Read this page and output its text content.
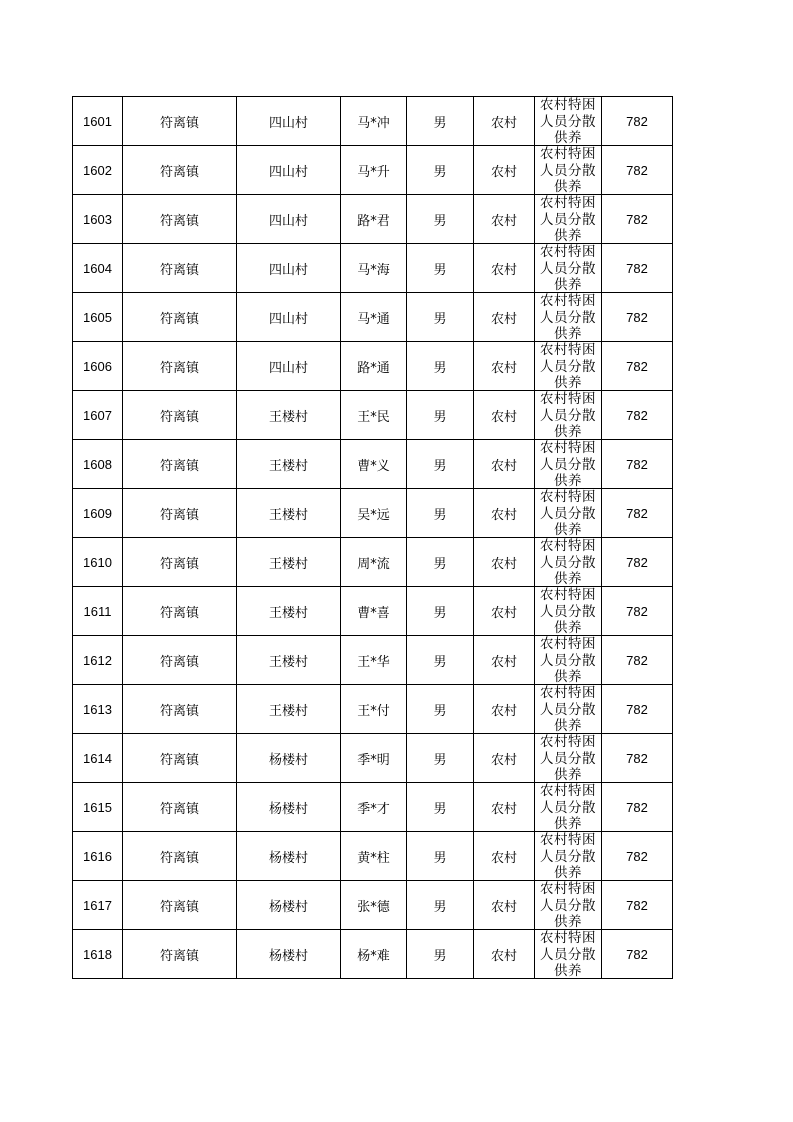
1601	符离镇	四山村	马*冲	男	农村	农村特困人员分散供养	782
1602	符离镇	四山村	马*升	男	农村	农村特困人员分散供养	782
1603	符离镇	四山村	路*君	男	农村	农村特困人员分散供养	782
1604	符离镇	四山村	马*海	男	农村	农村特困人员分散供养	782
1605	符离镇	四山村	马*通	男	农村	农村特困人员分散供养	782
1606	符离镇	四山村	路*通	男	农村	农村特困人员分散供养	782
1607	符离镇	王楼村	王*民	男	农村	农村特困人员分散供养	782
1608	符离镇	王楼村	曹*义	男	农村	农村特困人员分散供养	782
1609	符离镇	王楼村	吴*远	男	农村	农村特困人员分散供养	782
1610	符离镇	王楼村	周*流	男	农村	农村特困人员分散供养	782
1611	符离镇	王楼村	曹*喜	男	农村	农村特困人员分散供养	782
1612	符离镇	王楼村	王*华	男	农村	农村特困人员分散供养	782
1613	符离镇	王楼村	王*付	男	农村	农村特困人员分散供养	782
1614	符离镇	杨楼村	季*明	男	农村	农村特困人员分散供养	782
1615	符离镇	杨楼村	季*才	男	农村	农村特困人员分散供养	782
1616	符离镇	杨楼村	黄*柱	男	农村	农村特困人员分散供养	782
1617	符离镇	杨楼村	张*德	男	农村	农村特困人员分散供养	782
1618	符离镇	杨楼村	杨*难	男	农村	农村特困人员分散供养	782
